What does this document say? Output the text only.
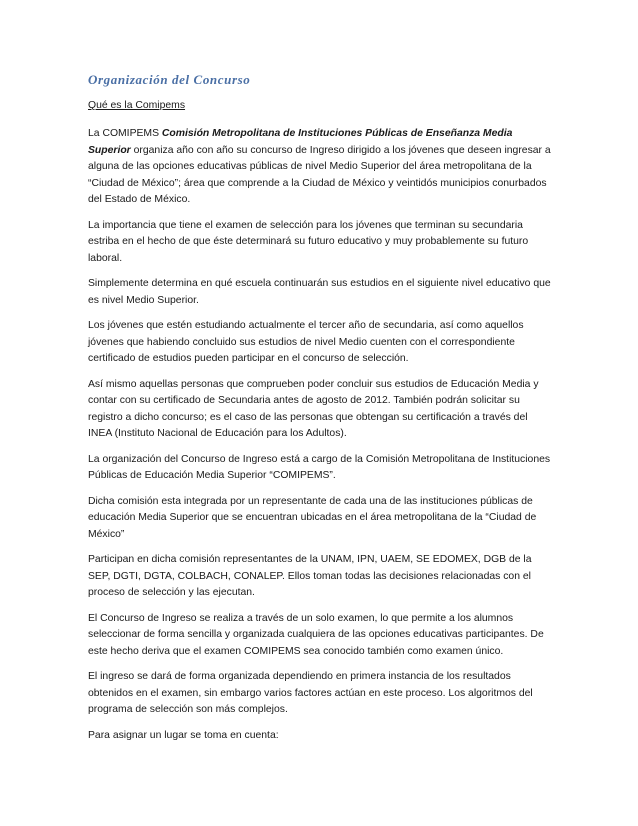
Organización del Concurso

Qué es la Comipems

La COMIPEMS Comisión Metropolitana de Instituciones Públicas de Enseñanza Media Superior organiza año con año su concurso de Ingreso dirigido a los jóvenes que deseen ingresar a alguna de las opciones educativas públicas de nivel Medio Superior del área metropolitana de la “Ciudad de México”; área que comprende a la Ciudad de México y veintidós municipios conurbados del Estado de México.

La importancia que tiene el examen de selección para los jóvenes que terminan su secundaria estriba en el hecho de que éste determinará su futuro educativo y muy probablemente su futuro laboral.

Simplemente determina en qué escuela continuarán sus estudios en el siguiente nivel educativo que es nivel Medio Superior.

Los jóvenes que estén estudiando actualmente el tercer año de secundaria, así como aquellos jóvenes que habiendo concluido sus estudios de nivel Medio cuenten con el correspondiente certificado de estudios pueden participar en el concurso de selección.

Así mismo aquellas personas que comprueben poder concluir sus estudios de Educación Media y contar con su certificado de Secundaria antes de agosto de 2012. También podrán solicitar su registro a dicho concurso; es el caso de las personas que obtengan su certificación a través del INEA (Instituto Nacional de Educación para los Adultos).

La organización del Concurso de Ingreso está a cargo de la Comisión Metropolitana de Instituciones Públicas de Educación Media Superior “COMIPEMS”.

Dicha comisión esta integrada por un representante de cada una de las instituciones públicas de educación Media Superior que se encuentran ubicadas en el área metropolitana de la “Ciudad de México”

Participan en dicha comisión representantes de la UNAM, IPN, UAEM, SE EDOMEX, DGB de la SEP, DGTI, DGTA, COLBACH, CONALEP. Ellos toman todas las decisiones relacionadas con el proceso de selección y las ejecutan.

El Concurso de Ingreso se realiza a través de un solo examen, lo que permite a los alumnos seleccionar de forma sencilla y organizada cualquiera de las opciones educativas participantes. De este hecho deriva que el examen COMIPEMS sea conocido también como examen único.

El ingreso se dará de forma organizada dependiendo en primera instancia de los resultados obtenidos en el examen, sin embargo varios factores actúan en este proceso. Los algoritmos del programa de selección son más complejos.

Para asignar un lugar se toma en cuenta:
